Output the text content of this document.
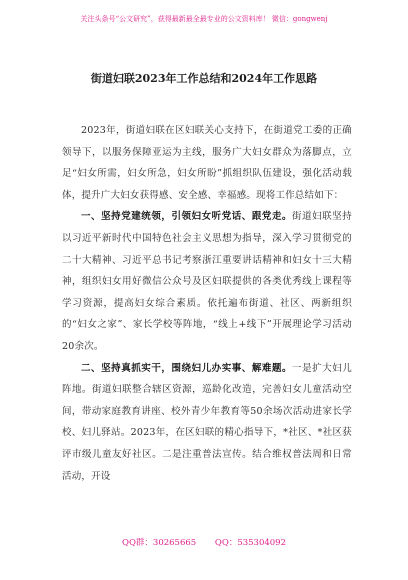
关注头条号“公文研究”，获得最新最全最专业的公文资料库！ 微信：gongwenj
街道妇联2023年工作总结和2024年工作思路

2023年，街道妇联在区妇联关心支持下，在街道党工委的正确领导下，以服务保障亚运为主线，服务广大妇女群众为落脚点，立足“妇女所需，妇女所急，妇女所盼”抓组织队伍建设，强化活动载体，提升广大妇女获得感、安全感、幸福感。现将工作总结如下：

一、坚持党建统领，引领妇女听党话、跟党走。街道妇联坚持以习近平新时代中国特色社会主义思想为指导，深入学习贯彻党的二十大精神、习近平总书记考察浙江重要讲话精神和妇女十三大精神，组织妇女用好微信公众号及区妇联提供的各类优秀线上课程等学习资源，提高妇女综合素质。依托遍布街道、社区、两新组织的“妇女之家”、家长学校等阵地，“线上+线下”开展理论学习活动20余次。

二、坚持真抓实干，围绕妇儿办实事、解难题。一是扩大妇儿阵地。街道妇联整合辖区资源，巡龄化改造，完善妇女儿童活动空间，带动家庭教育讲座、校外青少年教育等50余场次活动进家长学校、妇儿驿站。2023年，在区妇联的精心指导下，*社区、*社区获评市级儿童友好社区。二是注重普法宣传。结合维权普法周和日常活动，开设

QQ群：30265665 QQ：535304092
